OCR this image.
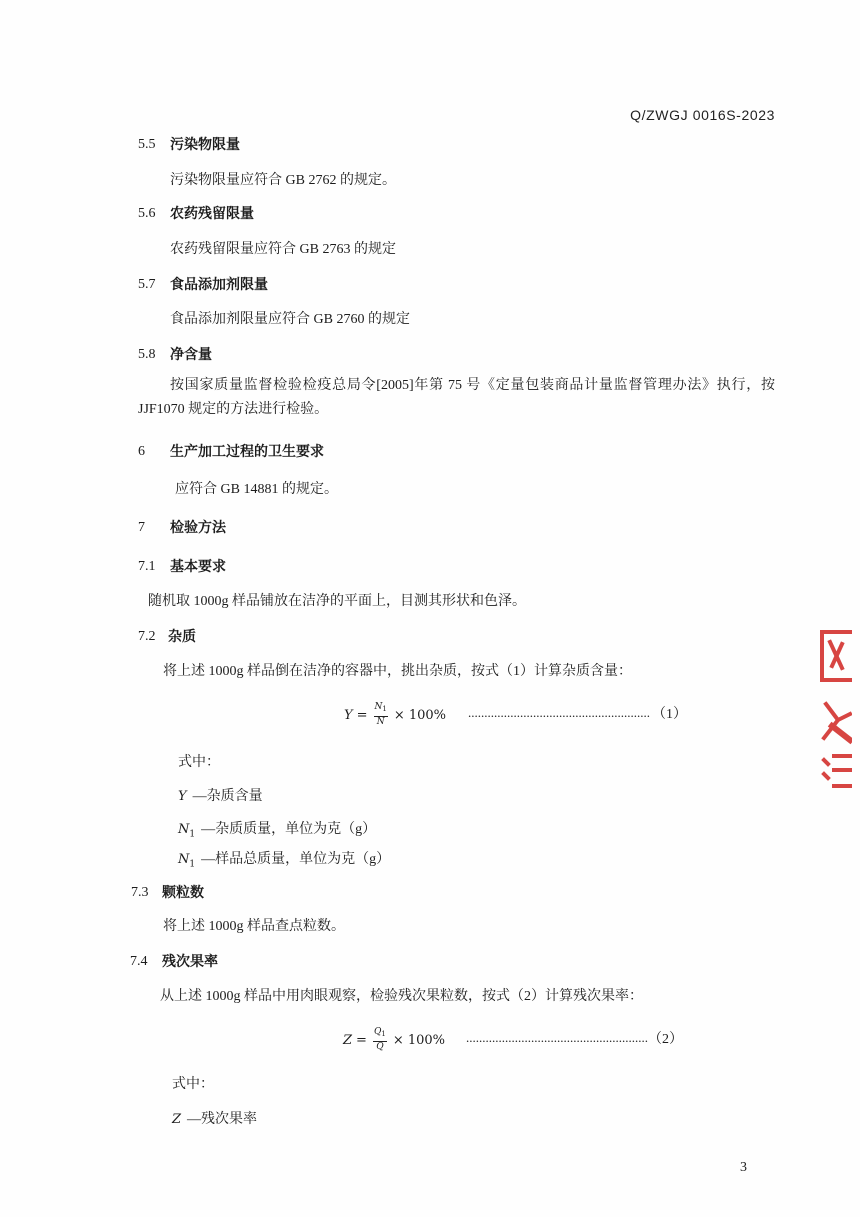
Q/ZWGJ 0016S-2023
5.5 污染物限量
污染物限量应符合 GB 2762 的规定。
5.6 农药残留限量
农药残留限量应符合 GB 2763 的规定
5.7 食品添加剂限量
食品添加剂限量应符合 GB 2760 的规定
5.8 净含量
按国家质量监督检验检疫总局令[2005]年第 75 号《定量包装商品计量监督管理办法》执行，按
JJF1070 规定的方法进行检验。
6 生产加工过程的卫生要求
应符合 GB 14881 的规定。
7 检验方法
7.1 基本要求
随机取 1000g 样品铺放在洁净的平面上，目测其形状和色泽。
7.2 杂质
将上述 1000g 样品倒在洁净的容器中，挑出杂质，按式（1）计算杂质含量：
$Y = \frac{N_1}{N} \times 100\%$ ........................................................ （1）
式中：
Y —杂质含量
$N_1$ —杂质质量，单位为克（g）
$N_1$ —样品总质量，单位为克（g）
7.3 颗粒数
将上述 1000g 样品查点粒数。
7.4 残次果率
从上述 1000g 样品中用肉眼观察，检验残次果粒数，按式（2）计算残次果率：
$Z = \frac{Q_1}{Q} \times 100\%$ ........................................................ （2）
式中：
Z —残次果率
3
